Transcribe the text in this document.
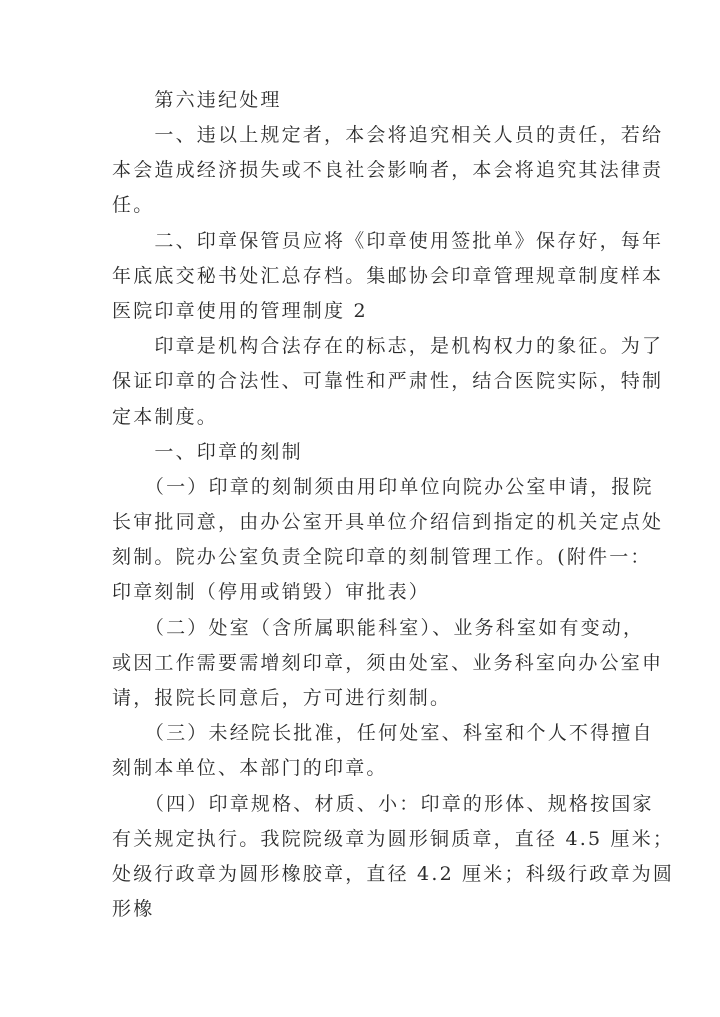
　　第六违纪处理

　　一、违以上规定者，本会将追究相关人员的责任，若给

本会造成经济损失或不良社会影响者，本会将追究其法律责

任。

　　二、印章保管员应将《印章使用签批单》保存好，每年

年底底交秘书处汇总存档。集邮协会印章管理规章制度样本

医院印章使用的管理制度 2

　　印章是机构合法存在的标志，是机构权力的象征。为了

保证印章的合法性、可靠性和严肃性，结合医院实际，特制

定本制度。

　　一、印章的刻制

　　（一）印章的刻制须由用印单位向院办公室申请，报院

长审批同意，由办公室开具单位介绍信到指定的机关定点处

刻制。院办公室负责全院印章的刻制管理工作。(附件一：

印章刻制（停用或销毁）审批表）

　　（二）处室（含所属职能科室）、业务科室如有变动，

或因工作需要需增刻印章，须由处室、业务科室向办公室申

请，报院长同意后，方可进行刻制。

　　（三）未经院长批准，任何处室、科室和个人不得擅自

刻制本单位、本部门的印章。

　　（四）印章规格、材质、小：印章的形体、规格按国家

有关规定执行。我院院级章为圆形铜质章，直径 4.5 厘米；

处级行政章为圆形橡胶章，直径 4.2 厘米；科级行政章为圆

形橡
